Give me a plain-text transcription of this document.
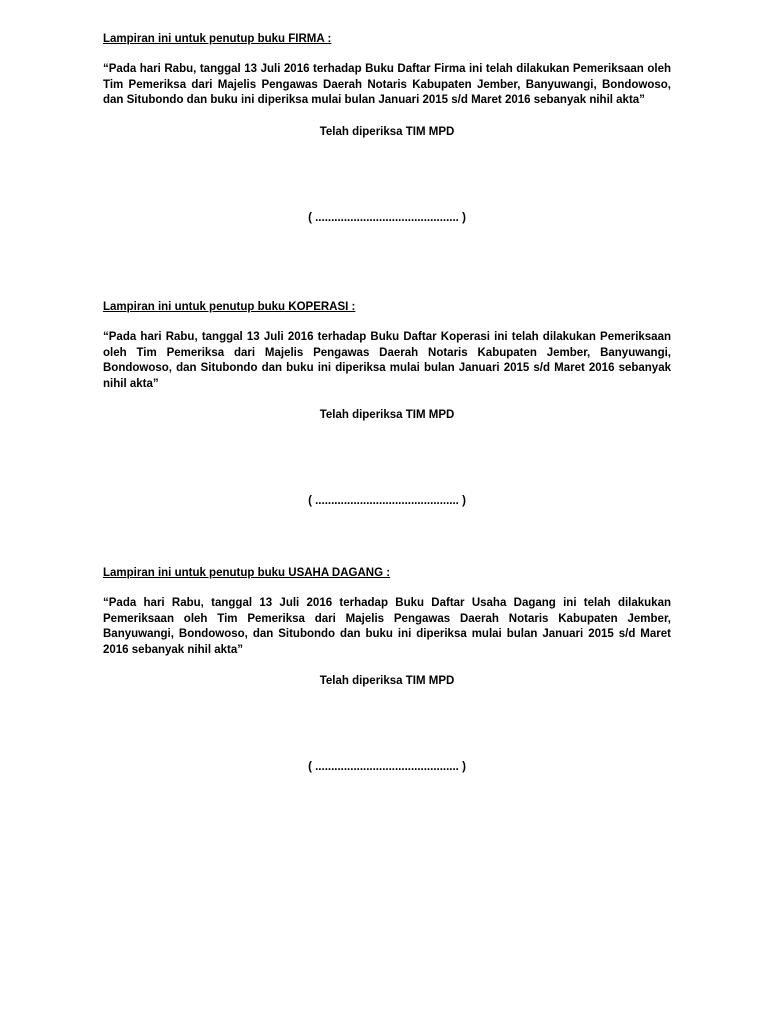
Lampiran ini untuk penutup buku FIRMA :

“Pada hari Rabu, tanggal 13 Juli 2016 terhadap Buku Daftar Firma ini telah dilakukan Pemeriksaan oleh Tim Pemeriksa dari Majelis Pengawas Daerah Notaris Kabupaten Jember, Banyuwangi, Bondowoso, dan Situbondo dan buku ini diperiksa mulai bulan Januari 2015 s/d Maret 2016 sebanyak nihil akta”
Telah diperiksa TIM MPD
( ............................................. )

Lampiran ini untuk penutup buku KOPERASI :

“Pada hari Rabu, tanggal 13 Juli 2016 terhadap Buku Daftar Koperasi ini telah dilakukan Pemeriksaan oleh Tim Pemeriksa dari Majelis Pengawas Daerah Notaris Kabupaten Jember, Banyuwangi, Bondowoso, dan Situbondo dan buku ini diperiksa mulai bulan Januari 2015 s/d Maret 2016 sebanyak nihil akta”
Telah diperiksa TIM MPD
( ............................................. )

Lampiran ini untuk penutup buku USAHA DAGANG :

“Pada hari Rabu, tanggal 13 Juli 2016 terhadap Buku Daftar Usaha Dagang ini telah dilakukan Pemeriksaan oleh Tim Pemeriksa dari Majelis Pengawas Daerah Notaris Kabupaten Jember, Banyuwangi, Bondowoso, dan Situbondo dan buku ini diperiksa mulai bulan Januari 2015 s/d Maret 2016 sebanyak nihil akta”
Telah diperiksa TIM MPD
( ............................................. )
